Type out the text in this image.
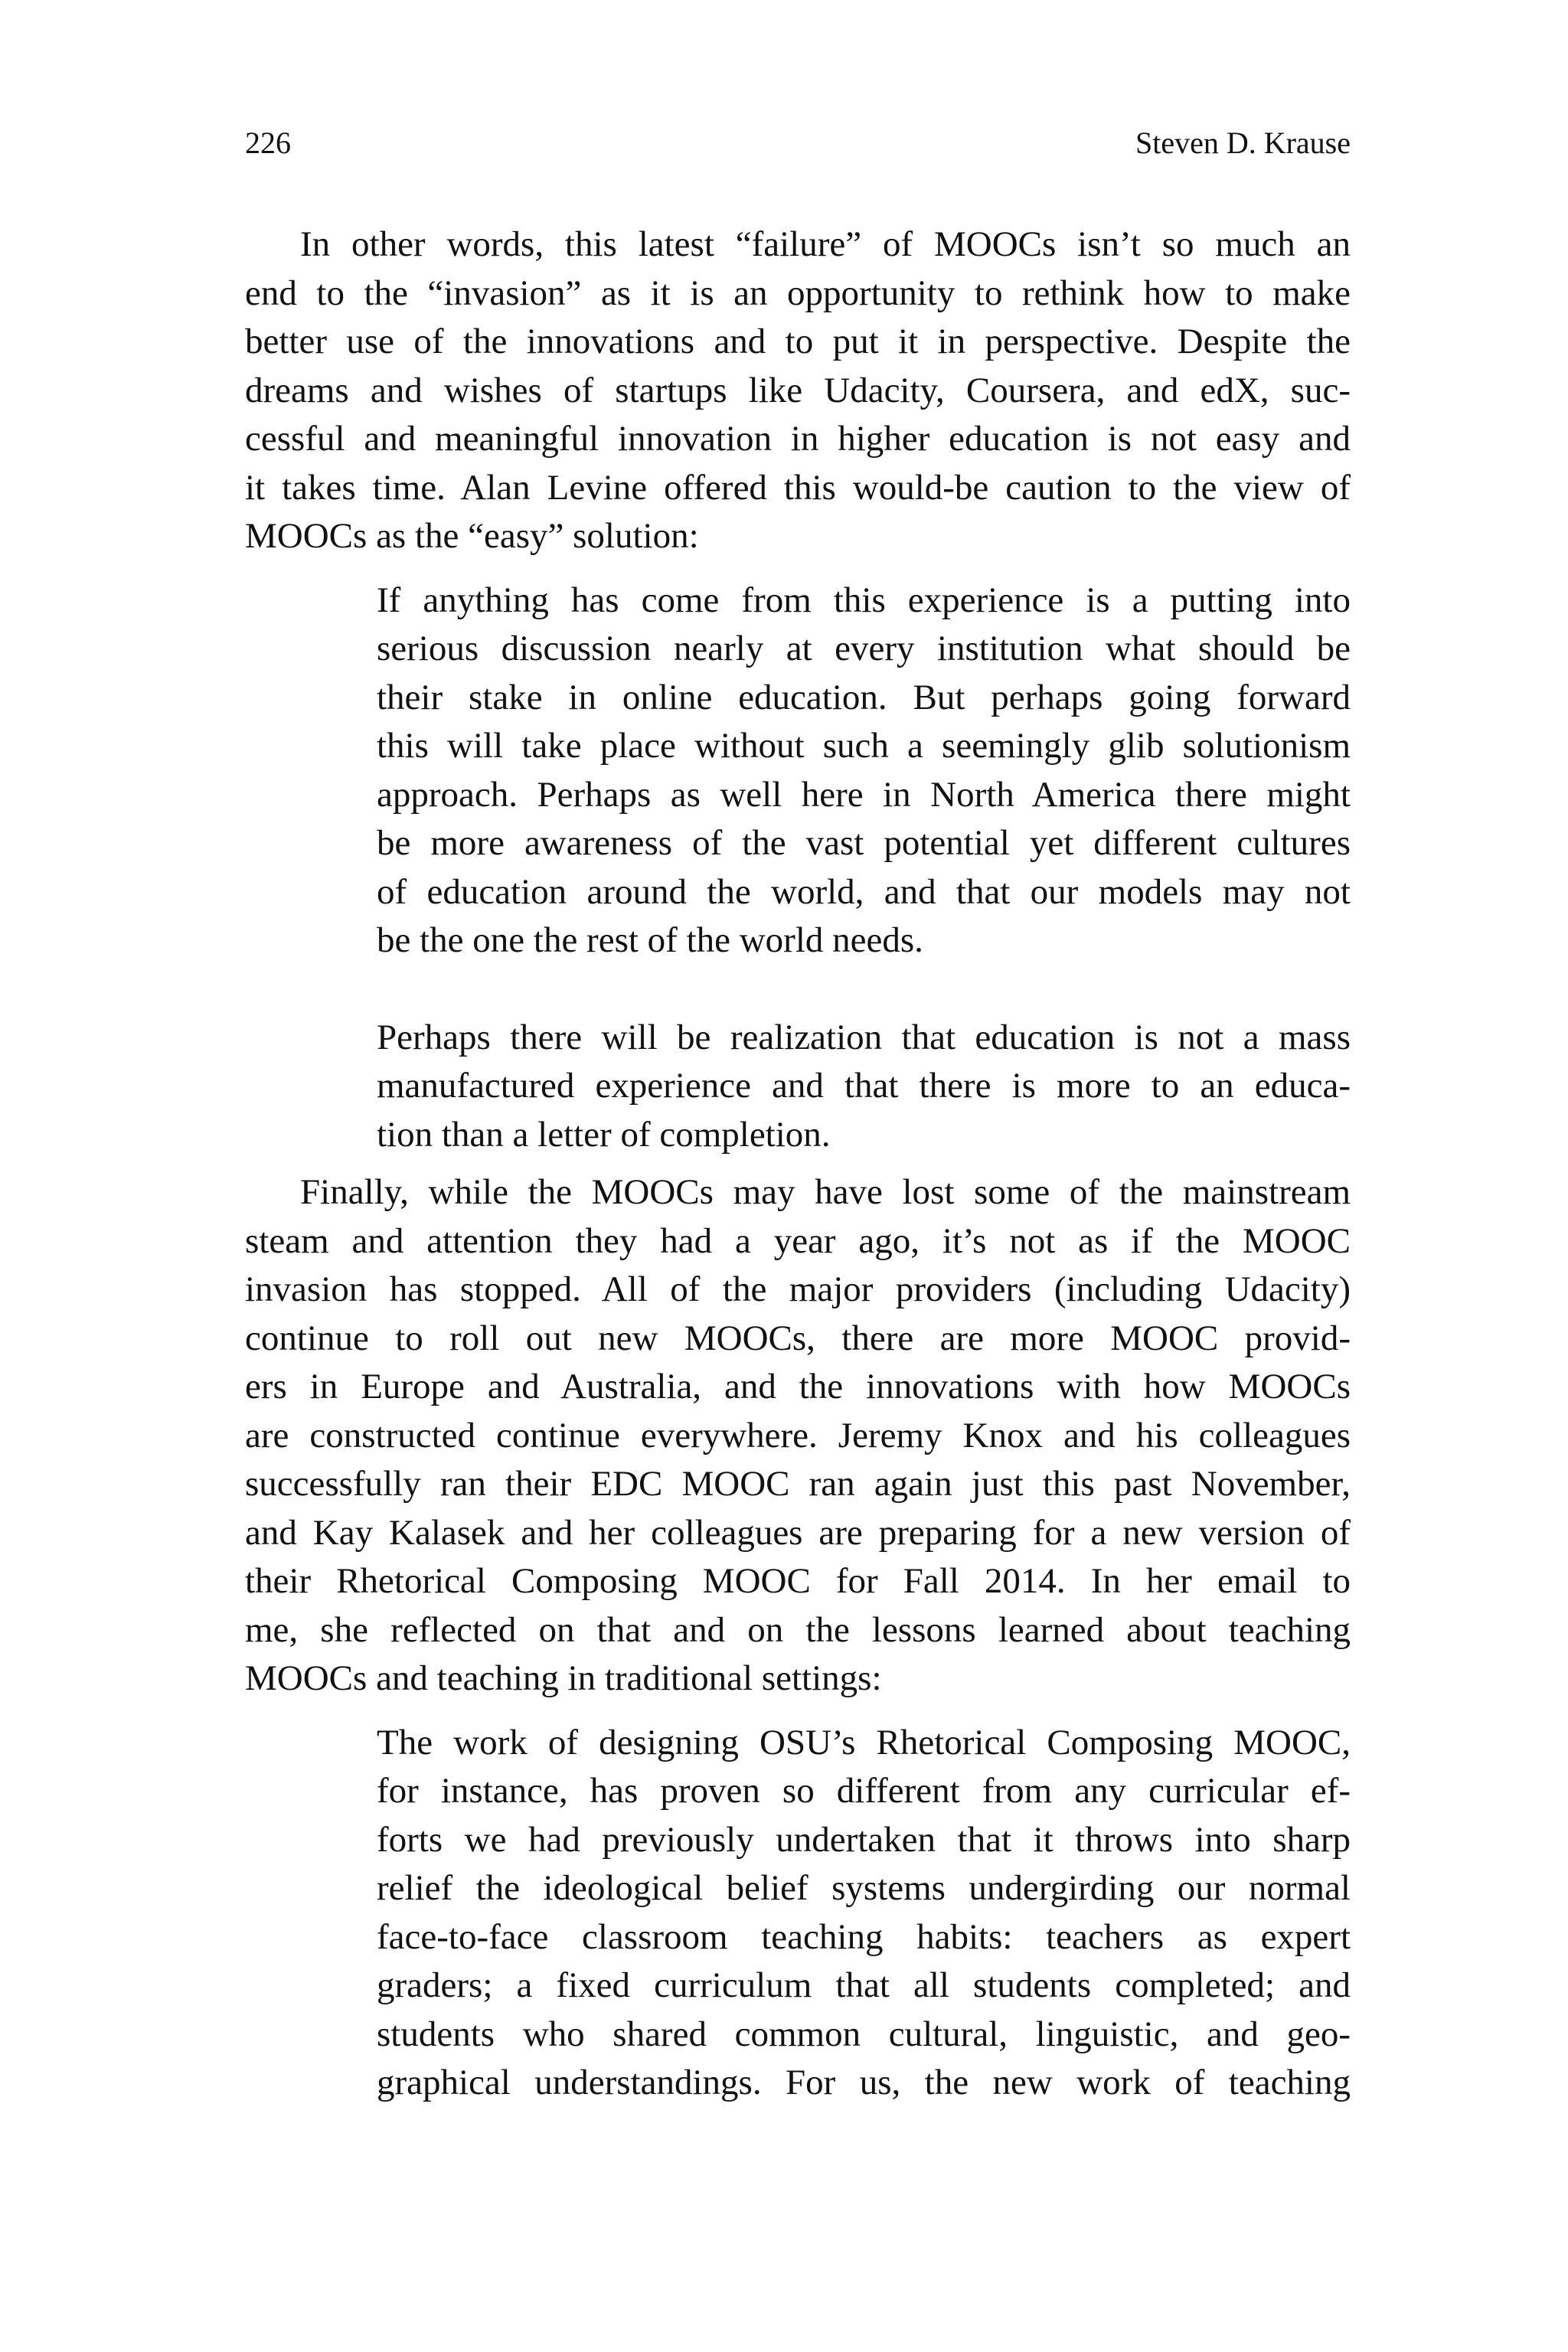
226	Steven D. Krause
In other words, this latest “failure” of MOOCs isn’t so much an
end to the “invasion” as it is an opportunity to rethink how to make
better use of the innovations and to put it in perspective. Despite the
dreams and wishes of startups like Udacity, Coursera, and edX, suc-
cessful and meaningful innovation in higher education is not easy and
it takes time. Alan Levine offered this would-be caution to the view of
MOOCs as the “easy” solution:
If anything has come from this experience is a putting into
serious discussion nearly at every institution what should be
their stake in online education. But perhaps going forward
this will take place without such a seemingly glib solutionism
approach. Perhaps as well here in North America there might
be more awareness of the vast potential yet different cultures
of education around the world, and that our models may not
be the one the rest of the world needs.
Perhaps there will be realization that education is not a mass
manufactured experience and that there is more to an educa-
tion than a letter of completion.
Finally, while the MOOCs may have lost some of the mainstream
steam and attention they had a year ago, it’s not as if the MOOC
invasion has stopped. All of the major providers (including Udacity)
continue to roll out new MOOCs, there are more MOOC provid-
ers in Europe and Australia, and the innovations with how MOOCs
are constructed continue everywhere. Jeremy Knox and his colleagues
successfully ran their EDC MOOC ran again just this past November,
and Kay Kalasek and her colleagues are preparing for a new version of
their Rhetorical Composing MOOC for Fall 2014. In her email to
me, she reflected on that and on the lessons learned about teaching
MOOCs and teaching in traditional settings:
The work of designing OSU’s Rhetorical Composing MOOC,
for instance, has proven so different from any curricular ef-
forts we had previously undertaken that it throws into sharp
relief the ideological belief systems undergirding our normal
face-to-face classroom teaching habits: teachers as expert
graders; a fixed curriculum that all students completed; and
students who shared common cultural, linguistic, and geo-
graphical understandings. For us, the new work of teaching
